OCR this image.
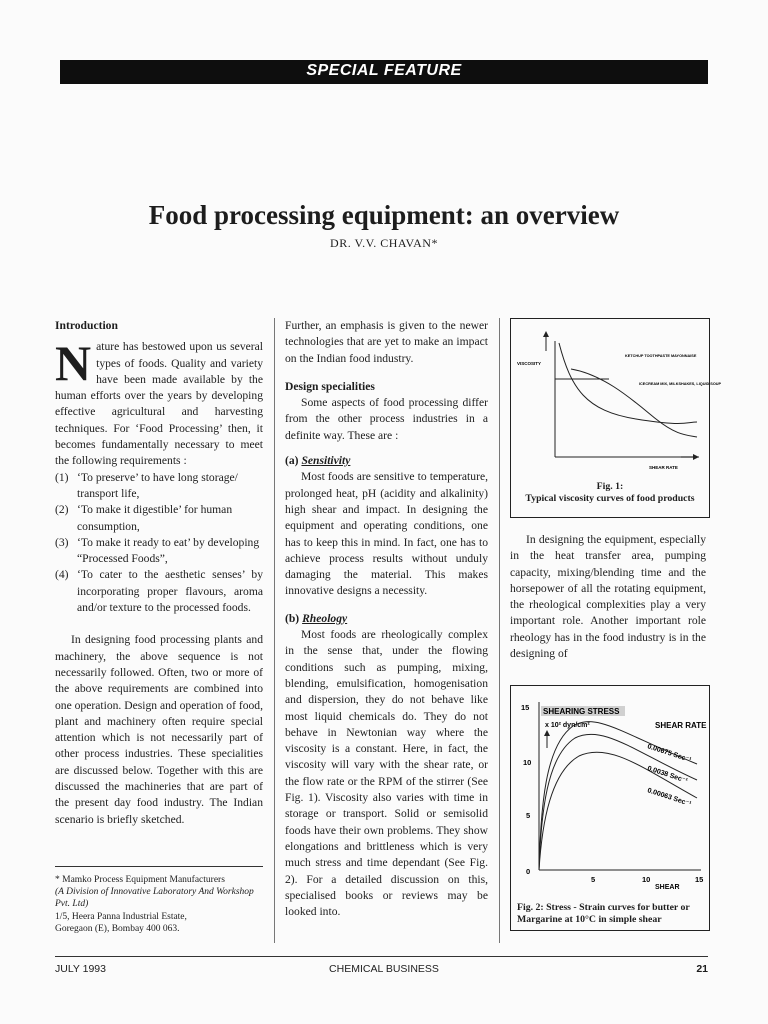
SPECIAL FEATURE
Food processing equipment: an overview
DR. V.V. CHAVAN*

Introduction

Nature has bestowed upon us several types of foods. Quality and variety have been made available by the human efforts over the years by developing effective agricultural and harvesting techniques. For ‘Food Processing’ then, it becomes fundamentally necessary to meet the following requirements :

(1) ‘To preserve’ to have long storage/ transport life,
(2) ‘To make it digestible’ for human consumption,
(3) ‘To make it ready to eat’ by developing “Processed Foods”,
(4) ‘To cater to the aesthetic senses’ by incorporating proper flavours, aroma and/or texture to the processed foods.

In designing food processing plants and machinery, the above sequence is not necessarily followed. Often, two or more of the above requirements are combined into one operation. Design and operation of food, plant and machinery often require special attention which is not necessarily part of other process industries. These specialities are discussed below. Together with this are discussed the machineries that are part of the present day food industry. The Indian scenario is briefly sketched.

* Mamko Process Equipment Manufacturers
(A Division of Innovative Laboratory And Workshop Pvt. Ltd)
1/5, Heera Panna Industrial Estate,
Goregaon (E), Bombay 400 063.

Further, an emphasis is given to the newer technologies that are yet to make an impact on the Indian food industry.

Design specialities

Some aspects of food processing differ from the other process industries in a definite way. These are :

(a) Sensitivity

Most foods are sensitive to temperature, prolonged heat, pH (acidity and alkalinity) high shear and impact. In designing the equipment and operating conditions, one has to keep this in mind. In fact, one has to achieve process results without unduly damaging the material. This makes innovative designs a necessity.

(b) Rheology

Most foods are rheologically complex in the sense that, under the flowing conditions such as pumping, mixing, blending, emulsification, homogenisation and dispersion, they do not behave like most liquid chemicals do. They do not behave in Newtonian way where the viscosity is a constant. Here, in fact, the viscosity will vary with the shear rate, or the flow rate or the RPM of the stirrer (See Fig. 1). Viscosity also varies with time in storage or transport. Solid or semisolid foods have their own problems. They show elongations and brittleness which is very much stress and time dependant (See Fig. 2). For a detailed discussion on this, specialised books or reviews may be looked into.

VISCOSITY
KETCHUP TOOTHPASTE MAYONNAISE
ICECREAM MIX, MILKSHAKES, LIQUID SOUP
SHEAR RATE
Fig. 1:
Typical viscosity curves of food products

In designing the equipment, especially in the heat transfer area, pumping capacity, mixing/blending time and the horsepower of all the rotating equipment, the rheological complexities play a very important role. Another important role rheology has in the food industry is in the designing of

SHEARING STRESS
x 10² dyn/cm²	SHEAR RATE
0.00675 Sec⁻¹
0.0038 Sec⁻¹
0.00063 Sec⁻¹
15
10
5
0
5	10	15
SHEAR
Fig. 2: Stress - Strain curves for butter or Margarine at 10°C in simple shear
JULY 1993	CHEMICAL BUSINESS	21
